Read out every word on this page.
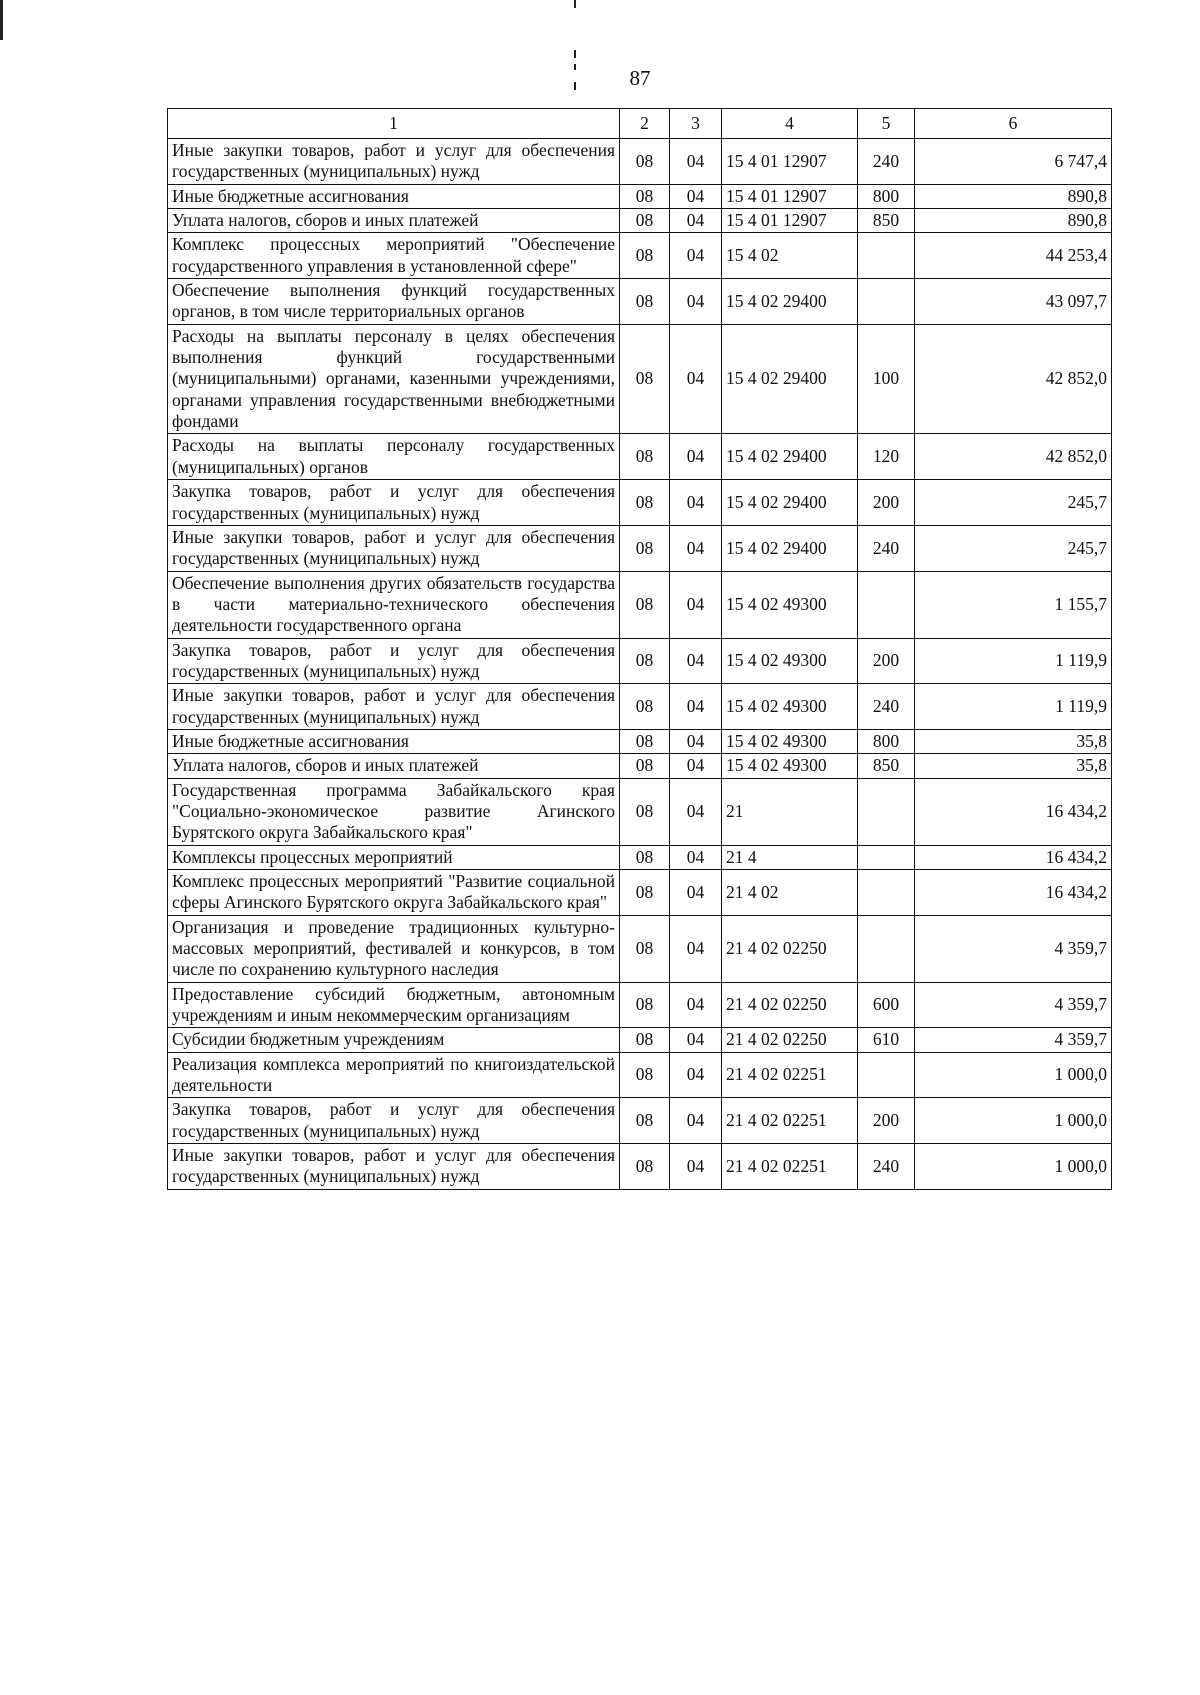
87
1	2	3	4	5	6
Иные закупки товаров, работ и услуг для обеспечения государственных (муниципальных) нужд	08	04	15 4 01 12907	240	6 747,4
Иные бюджетные ассигнования	08	04	15 4 01 12907	800	890,8
Уплата налогов, сборов и иных платежей	08	04	15 4 01 12907	850	890,8
Комплекс процессных мероприятий "Обеспечение государственного управления в установленной сфере"	08	04	15 4 02		44 253,4
Обеспечение выполнения функций государственных органов, в том числе территориальных органов	08	04	15 4 02 29400		43 097,7
Расходы на выплаты персоналу в целях обеспечения выполнения функций государственными (муниципальными) органами, казенными учреждениями, органами управления государственными внебюджетными фондами	08	04	15 4 02 29400	100	42 852,0
Расходы на выплаты персоналу государственных (муниципальных) органов	08	04	15 4 02 29400	120	42 852,0
Закупка товаров, работ и услуг для обеспечения государственных (муниципальных) нужд	08	04	15 4 02 29400	200	245,7
Иные закупки товаров, работ и услуг для обеспечения государственных (муниципальных) нужд	08	04	15 4 02 29400	240	245,7
Обеспечение выполнения других обязательств государства в части материально-технического обеспечения деятельности государственного органа	08	04	15 4 02 49300		1 155,7
Закупка товаров, работ и услуг для обеспечения государственных (муниципальных) нужд	08	04	15 4 02 49300	200	1 119,9
Иные закупки товаров, работ и услуг для обеспечения государственных (муниципальных) нужд	08	04	15 4 02 49300	240	1 119,9
Иные бюджетные ассигнования	08	04	15 4 02 49300	800	35,8
Уплата налогов, сборов и иных платежей	08	04	15 4 02 49300	850	35,8
Государственная программа Забайкальского края "Социально-экономическое развитие Агинского Бурятского округа Забайкальского края"	08	04	21		16 434,2
Комплексы процессных мероприятий	08	04	21 4		16 434,2
Комплекс процессных мероприятий "Развитие социальной сферы Агинского Бурятского округа Забайкальского края"	08	04	21 4 02		16 434,2
Организация и проведение традиционных культурно-массовых мероприятий, фестивалей и конкурсов, в том числе по сохранению культурного наследия	08	04	21 4 02 02250		4 359,7
Предоставление субсидий бюджетным, автономным учреждениям и иным некоммерческим организациям	08	04	21 4 02 02250	600	4 359,7
Субсидии бюджетным учреждениям	08	04	21 4 02 02250	610	4 359,7
Реализация комплекса мероприятий по книгоиздательской деятельности	08	04	21 4 02 02251		1 000,0
Закупка товаров, работ и услуг для обеспечения государственных (муниципальных) нужд	08	04	21 4 02 02251	200	1 000,0
Иные закупки товаров, работ и услуг для обеспечения государственных (муниципальных) нужд	08	04	21 4 02 02251	240	1 000,0
